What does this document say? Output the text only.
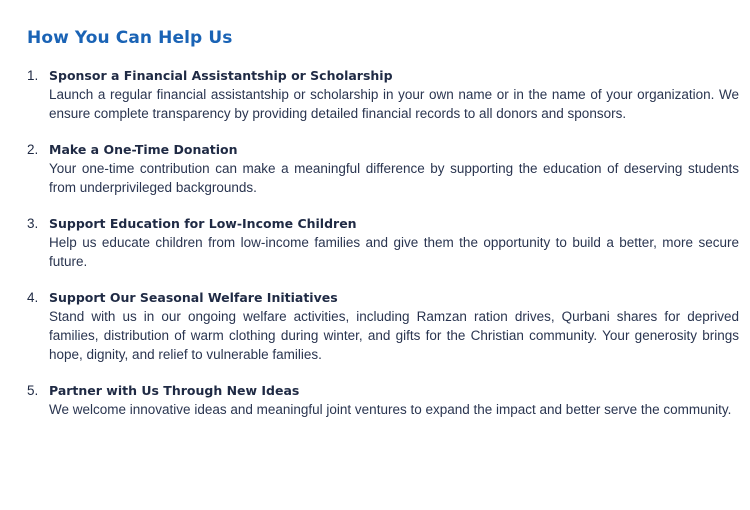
How You Can Help Us
1. Sponsor a Financial Assistantship or Scholarship
Launch a regular financial assistantship or scholarship in your own name or in the name of your organization. We ensure complete transparency by providing detailed financial records to all donors and sponsors.
2. Make a One-Time Donation
Your one-time contribution can make a meaningful difference by supporting the education of deserving students from underprivileged backgrounds.
3. Support Education for Low-Income Children
Help us educate children from low-income families and give them the opportunity to build a better, more secure future.
4. Support Our Seasonal Welfare Initiatives
Stand with us in our ongoing welfare activities, including Ramzan ration drives, Qurbani shares for deprived families, distribution of warm clothing during winter, and gifts for the Christian community. Your generosity brings hope, dignity, and relief to vulnerable families.
5. Partner with Us Through New Ideas
We welcome innovative ideas and meaningful joint ventures to expand the impact and better serve the community.
